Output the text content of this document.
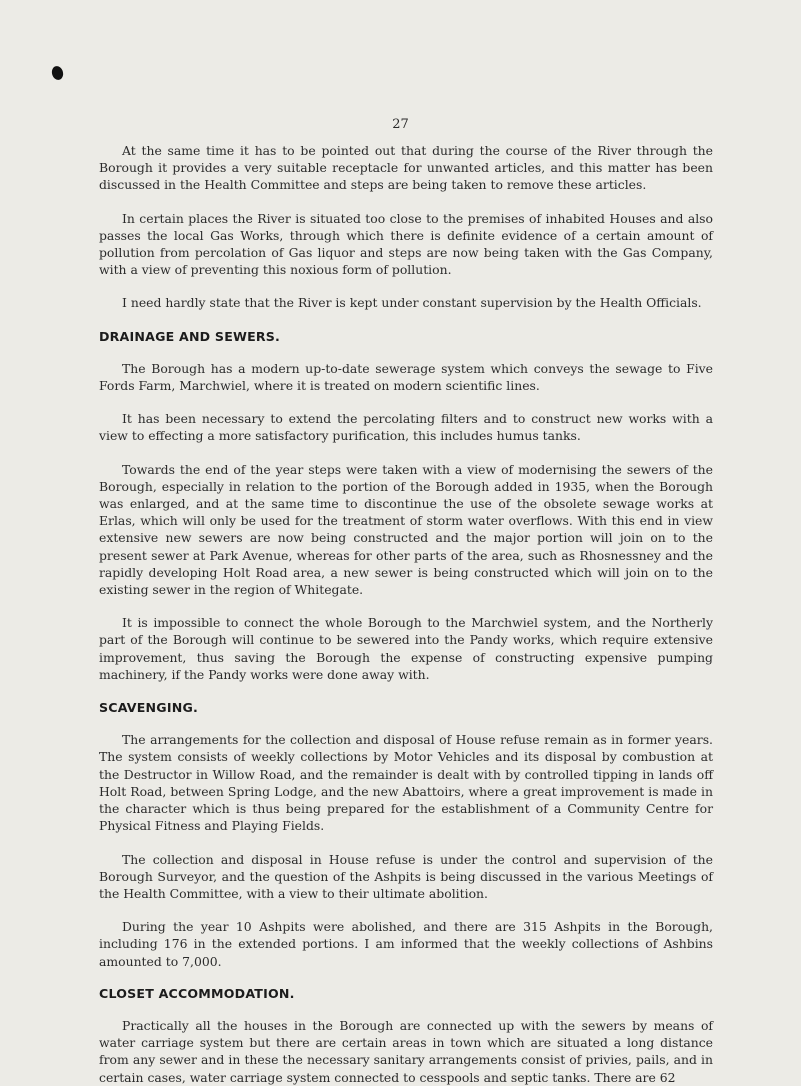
27

At the same time it has to be pointed out that during the course of the River through the Borough it provides a very suitable receptacle for unwanted articles, and this matter has been discussed in the Health Committee and steps are being taken to remove these articles.

In certain places the River is situated too close to the premises of inhabited Houses and also passes the local Gas Works, through which there is definite evidence of a certain amount of pollution from percolation of Gas liquor and steps are now being taken with the Gas Company, with a view of preventing this noxious form of pollution.

I need hardly state that the River is kept under constant supervision by the Health Officials.

DRAINAGE AND SEWERS.

The Borough has a modern up-to-date sewerage system which conveys the sewage to Five Fords Farm, Marchwiel, where it is treated on modern scientific lines.

It has been necessary to extend the percolating filters and to construct new works with a view to effecting a more satisfactory purification, this includes humus tanks.

Towards the end of the year steps were taken with a view of modernising the sewers of the Borough, especially in relation to the portion of the Borough added in 1935, when the Borough was enlarged, and at the same time to discontinue the use of the obsolete sewage works at Erlas, which will only be used for the treatment of storm water overflows. With this end in view extensive new sewers are now being constructed and the major portion will join on to the present sewer at Park Avenue, whereas for other parts of the area, such as Rhosnessney and the rapidly developing Holt Road area, a new sewer is being constructed which will join on to the existing sewer in the region of Whitegate.

It is impossible to connect the whole Borough to the Marchwiel system, and the Northerly part of the Borough will continue to be sewered into the Pandy works, which require extensive improvement, thus saving the Borough the expense of constructing expensive pumping machinery, if the Pandy works were done away with.

SCAVENGING.

The arrangements for the collection and disposal of House refuse remain as in former years. The system consists of weekly collections by Motor Vehicles and its disposal by combustion at the Destructor in Willow Road, and the remainder is dealt with by controlled tipping in lands off Holt Road, between Spring Lodge, and the new Abattoirs, where a great improvement is made in the character which is thus being prepared for the establishment of a Community Centre for Physical Fitness and Playing Fields.

The collection and disposal in House refuse is under the control and supervision of the Borough Surveyor, and the question of the Ashpits is being discussed in the various Meetings of the Health Committee, with a view to their ultimate abolition.

During the year 10 Ashpits were abolished, and there are 315 Ashpits in the Borough, including 176 in the extended portions. I am informed that the weekly collections of Ashbins amounted to 7,000.

CLOSET ACCOMMODATION.

Practically all the houses in the Borough are connected up with the sewers by means of water carriage system but there are certain areas in town which are situated a long distance from any sewer and in these the necessary sanitary arrangements consist of privies, pails, and in certain cases, water carriage system connected to cesspools and septic tanks. There are 62
